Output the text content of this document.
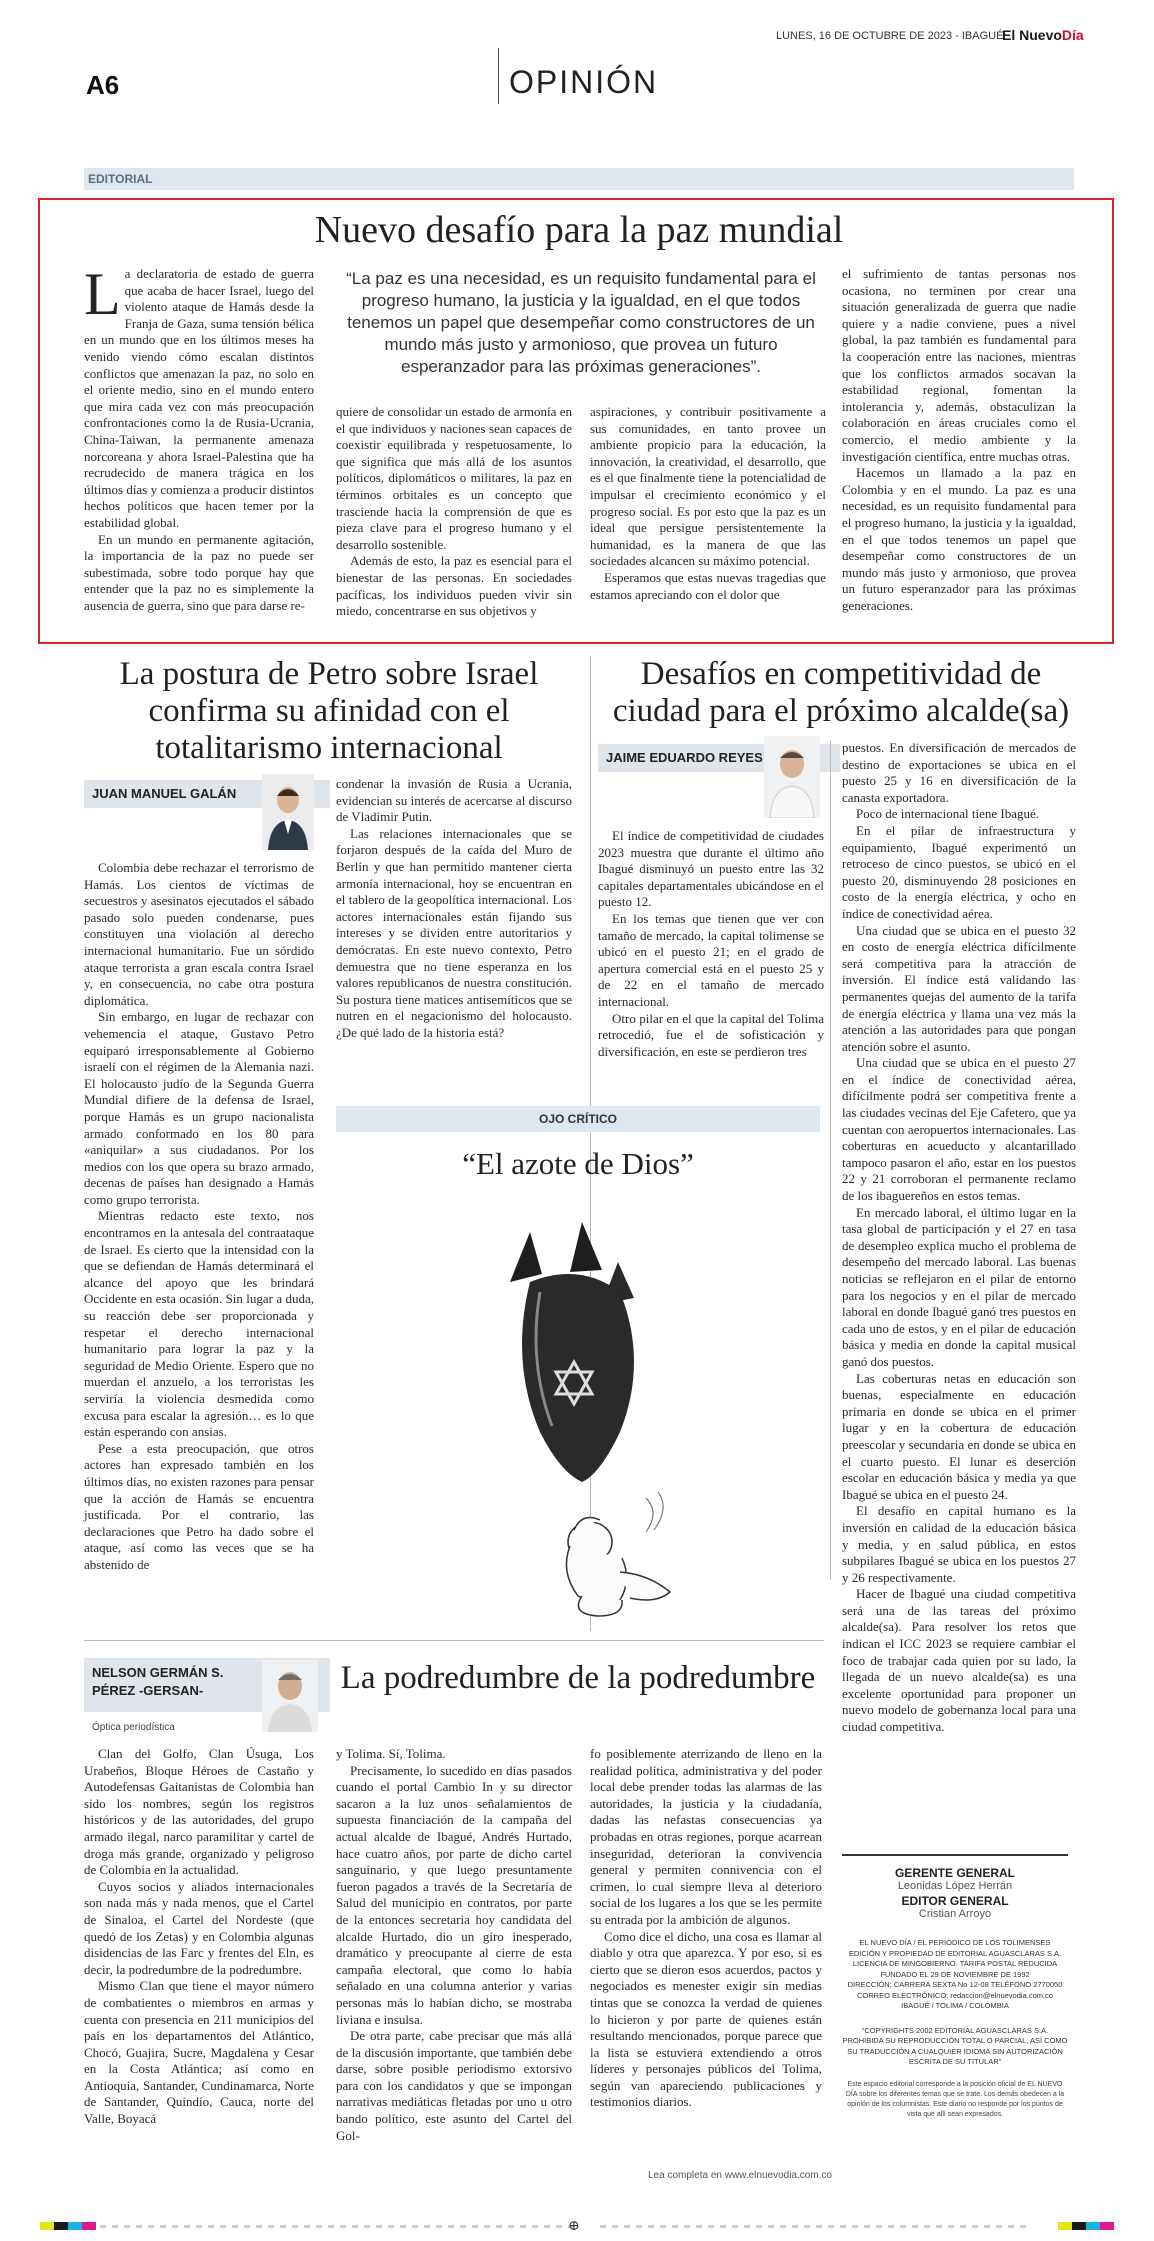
LUNES, 16 DE OCTUBRE DE 2023 - IBAGUÉ
El NuevoDía
A6	OPINIÓN
EDITORIAL
Nuevo desafío para la paz mundial
L a declaratoria de estado de guerra que acaba de hacer Israel, luego del violento ataque de Hamás desde la Franja de Gaza, suma tensión bélica en un mundo que en los últimos meses ha venido viendo cómo escalan distintos conflictos que amenazan la paz, no solo en el oriente medio, sino en el mundo entero que mira cada vez con más preocupación confrontaciones como la de Rusia-Ucrania, China-Taiwan, la permanente amenaza norcoreana y ahora Israel-Palestina que ha recrudecido de manera trágica en los últimos días y comienza a producir distintos hechos políticos que hacen temer por la estabilidad global.

En un mundo en permanente agitación, la importancia de la paz no puede ser subestimada, sobre todo porque hay que entender que la paz no es simplemente la ausencia de guerra, sino que para darse re-

“La paz es una necesidad, es un requisito fundamental para el progreso humano, la justicia y la igualdad, en el que todos tenemos un papel que desempeñar como constructores de un mundo más justo y armonioso, que provea un futuro esperanzador para las próximas generaciones”.

quiere de consolidar un estado de armonía en el que individuos y naciones sean capaces de coexistir equilibrada y respetuosamente, lo que significa que más allá de los asuntos políticos, diplomáticos o militares, la paz en términos orbitales es un concepto que trasciende hacia la comprensión de que es pieza clave para el progreso humano y el desarrollo sostenible.

Además de esto, la paz es esencial para el bienestar de las personas. En sociedades pacíficas, los individuos pueden vivir sin miedo, concentrarse en sus objetivos y

aspiraciones, y contribuir positivamente a sus comunidades, en tanto provee un ambiente propicio para la educación, la innovación, la creatividad, el desarrollo, que es el que finalmente tiene la potencialidad de impulsar el crecimiento económico y el progreso social. Es por esto que la paz es un ideal que persigue persistentemente la humanidad, es la manera de que las sociedades alcancen su máximo potencial.

Esperamos que estas nuevas tragedias que estamos apreciando con el dolor que

el sufrimiento de tantas personas nos ocasiona, no terminen por crear una situación generalizada de guerra que nadie quiere y a nadie conviene, pues a nivel global, la paz también es fundamental para la cooperación entre las naciones, mientras que los conflictos armados socavan la estabilidad regional, fomentan la intolerancia y, además, obstaculizan la colaboración en áreas cruciales como el comercio, el medio ambiente y la investigación científica, entre muchas otras.

Hacemos un llamado a la paz en Colombia y en el mundo. La paz es una necesidad, es un requisito fundamental para el progreso humano, la justicia y la igualdad, en el que todos tenemos un papel que desempeñar como constructores de un mundo más justo y armonioso, que provea un futuro esperanzador para las próximas generaciones.

La postura de Petro sobre Israel confirma su afinidad con el totalitarismo internacional
JUAN MANUEL GALÁN

Colombia debe rechazar el terrorismo de Hamás. Los cientos de víctimas de secuestros y asesinatos ejecutados el sábado pasado solo pueden condenarse, pues constituyen una violación al derecho internacional humanitario. Fue un sórdido ataque terrorista a gran escala contra Israel y, en consecuencia, no cabe otra postura diplomática.

Sin embargo, en lugar de rechazar con vehemencia el ataque, Gustavo Petro equiparó irresponsablemente al Gobierno israelí con el régimen de la Alemania nazi. El holocausto judío de la Segunda Guerra Mundial difiere de la defensa de Israel, porque Hamás es un grupo nacionalista armado conformado en los 80 para «aniquilar» a sus ciudadanos. Por los medios con los que opera su brazo armado, decenas de países han designado a Hamás como grupo terrorista.

Mientras redacto este texto, nos encontramos en la antesala del contraataque de Israel. Es cierto que la intensidad con la que se defiendan de Hamás determinará el alcance del apoyo que les brindará Occidente en esta ocasión. Sin lugar a duda, su reacción debe ser proporcionada y respetar el derecho internacional humanitario para lograr la paz y la seguridad de Medio Oriente. Espero que no muerdan el anzuelo, a los terroristas les serviría la violencia desmedida como excusa para escalar la agresión… es lo que están esperando con ansias.

Pese a esta preocupación, que otros actores han expresado también en los últimos días, no existen razones para pensar que la acción de Hamás se encuentra justificada. Por el contrario, las declaraciones que Petro ha dado sobre el ataque, así como las veces que se ha abstenido de

condenar la invasión de Rusia a Ucrania, evidencian su interés de acercarse al discurso de Vladimir Putin.

Las relaciones internacionales que se forjaron después de la caída del Muro de Berlín y que han permitido mantener cierta armonía internacional, hoy se encuentran en el tablero de la geopolítica internacional. Los actores internacionales están fijando sus intereses y se dividen entre autoritarios y demócratas. En este nuevo contexto, Petro demuestra que no tiene esperanza en los valores republicanos de nuestra constitución. Su postura tiene matices antisemíticos que se nutren en el negacionismo del holocausto. ¿De qué lado de la historia está?

Desafíos en competitividad de ciudad para el próximo alcalde(sa)
JAIME EDUARDO REYES

El índice de competitividad de ciudades 2023 muestra que durante el último año Ibagué disminuyó un puesto entre las 32 capitales departamentales ubicándose en el puesto 12.

En los temas que tienen que ver con tamaño de mercado, la capital tolimense se ubicó en el puesto 21; en el grado de apertura comercial está en el puesto 25 y de 22 en el tamaño de mercado internacional.

Otro pilar en el que la capital del Tolima retrocedió, fue el de sofisticación y diversificación, en este se perdieron tres

puestos. En diversificación de mercados de destino de exportaciones se ubica en el puesto 25 y 16 en diversificación de la canasta exportadora.

Poco de internacional tiene Ibagué.

En el pilar de infraestructura y equipamiento, Ibagué experimentó un retroceso de cinco puestos, se ubicó en el puesto 20, disminuyendo 28 posiciones en costo de la energía eléctrica, y ocho en índice de conectividad aérea.

Una ciudad que se ubica en el puesto 32 en costo de energía eléctrica difícilmente será competitiva para la atracción de inversión. El índice está validando las permanentes quejas del aumento de la tarifa de energía eléctrica y llama una vez más la atención a las autoridades para que pongan atención sobre el asunto.

Una ciudad que se ubica en el puesto 27 en el índice de conectividad aérea, difícilmente podrá ser competitiva frente a las ciudades vecinas del Eje Cafetero, que ya cuentan con aeropuertos internacionales. Las coberturas en acueducto y alcantarillado tampoco pasaron el año, estar en los puestos 22 y 21 corroboran el permanente reclamo de los ibaguereños en estos temas.

En mercado laboral, el último lugar en la tasa global de participación y el 27 en tasa de desempleo explica mucho el problema de desempeño del mercado laboral. Las buenas noticias se reflejaron en el pilar de entorno para los negocios y en el pilar de mercado laboral en donde Ibagué ganó tres puestos en cada uno de estos, y en el pilar de educación básica y media en donde la capital musical ganó dos puestos.

Las coberturas netas en educación son buenas, especialmente en educación primaria en donde se ubica en el primer lugar y en la cobertura de educación preescolar y secundaria en donde se ubica en el cuarto puesto. El lunar es deserción escolar en educación básica y media ya que Ibagué se ubica en el puesto 24.

El desafío en capital humano es la inversión en calidad de la educación básica y media, y en salud pública, en estos subpilares Ibagué se ubica en los puestos 27 y 26 respectivamente.

Hacer de Ibagué una ciudad competitiva será una de las tareas del próximo alcalde(sa). Para resolver los retos que indican el ICC 2023 se requiere cambiar el foco de trabajar cada quien por su lado, la llegada de un nuevo alcalde(sa) es una excelente oportunidad para proponer un nuevo modelo de gobernanza local para una ciudad competitiva.

OJO CRÍTICO
“El azote de Dios”
NELSON GERMÁN S.
PÉREZ -GERSAN-
Óptica periodística
La podredumbre de la podredumbre

Clan del Golfo, Clan Úsuga, Los Urabeños, Bloque Héroes de Castaño y Autodefensas Gaitanistas de Colombia han sido los nombres, según los registros históricos y de las autoridades, del grupo armado ilegal, narco paramilitar y cartel de droga más grande, organizado y peligroso de Colombia en la actualidad.

Cuyos socios y aliados internacionales son nada más y nada menos, que el Cartel de Sinaloa, el Cartel del Nordeste (que quedó de los Zetas) y en Colombia algunas disidencias de las Farc y frentes del Eln, es decir, la podredumbre de la podredumbre.

Mismo Clan que tiene el mayor número de combatientes o miembros en armas y cuenta con presencia en 211 municipios del país en los departamentos del Atlántico, Chocó, Guajira, Sucre, Magdalena y Cesar en la Costa Atlántica; así como en Antioquia, Santander, Cundinamarca, Norte de Santander, Quindío, Cauca, norte del Valle, Boyacá

y Tolima. Sí, Tolima.

Precisamente, lo sucedido en días pasados cuando el portal Cambio In y su director sacaron a la luz unos señalamientos de supuesta financiación de la campaña del actual alcalde de Ibagué, Andrés Hurtado, hace cuatro años, por parte de dicho cartel sanguinario, y que luego presuntamente fueron pagados a través de la Secretaría de Salud del municipio en contratos, por parte de la entonces secretaria hoy candidata del alcalde Hurtado, dio un giro inesperado, dramático y preocupante al cierre de esta campaña electoral, que como lo había señalado en una columna anterior y varias personas más lo habían dicho, se mostraba liviana e insulsa.

De otra parte, cabe precisar que más allá de la discusión importante, que también debe darse, sobre posible periodismo extorsivo para con los candidatos y que se impongan narrativas mediáticas fletadas por uno u otro bando político, este asunto del Cartel del Gol-

fo posiblemente aterrizando de lleno en la realidad política, administrativa y del poder local debe prender todas las alarmas de las autoridades, la justicia y la ciudadanía, dadas las nefastas consecuencias ya probadas en otras regiones, porque acarrean inseguridad, deterioran la convivencia general y permiten connivencia con el crimen, lo cual siempre lleva al deterioro social de los lugares a los que se les permite su entrada por la ambición de algunos.

Como dice el dicho, una cosa es llamar al diablo y otra que aparezca. Y por eso, si es cierto que se dieron esos acuerdos, pactos y negociados es menester exigir sin medias tintas que se conozca la verdad de quienes lo hicieron y por parte de quienes están resultando mencionados, porque parece que la lista se estuviera extendiendo a otros líderes y personajes públicos del Tolima, según van apareciendo publicaciones y testimonios diarios.

Lea completa en www.elnuevodia.com.co
GERENTE GENERAL
Leonidas López Herrán
EDITOR GENERAL
Cristian Arroyo
EL NUEVO DÍA / EL PERIÓDICO DE LOS TOLIMENSES
EDICIÓN Y PROPIEDAD DE EDITORIAL AGUASCLARAS S.A.
LICENCIA DE MINGOBIERNO. TARIFA POSTAL REDUCIDA
FUNDADO EL 29 DE NOVIEMBRE DE 1992
DIRECCIÓN: CARRERA SEXTA No 12-08 TELÉFONO 2770050
CORREO ELECTRÓNICO: redaccion@elnuevodia.com.co
IBAGUÉ / TOLIMA / COLOMBIA
“COPYRIGHTS 2002 EDITORIAL AGUASCLARAS S.A. PROHIBIDA SU REPRODUCCIÓN TOTAL O PARCIAL, ASÍ COMO SU TRADUCCIÓN A CUALQUIER IDIOMA SIN AUTORIZACIÓN ESCRITA DE SU TITULAR”
Este espacio editorial corresponde a la posición oficial de EL NUEVO DÍA sobre los diferentes temas que se trate. Los demás obedecen a la opinión de los columnistas. Este diario no responde por los puntos de vista que allí sean expresados.
⊕
